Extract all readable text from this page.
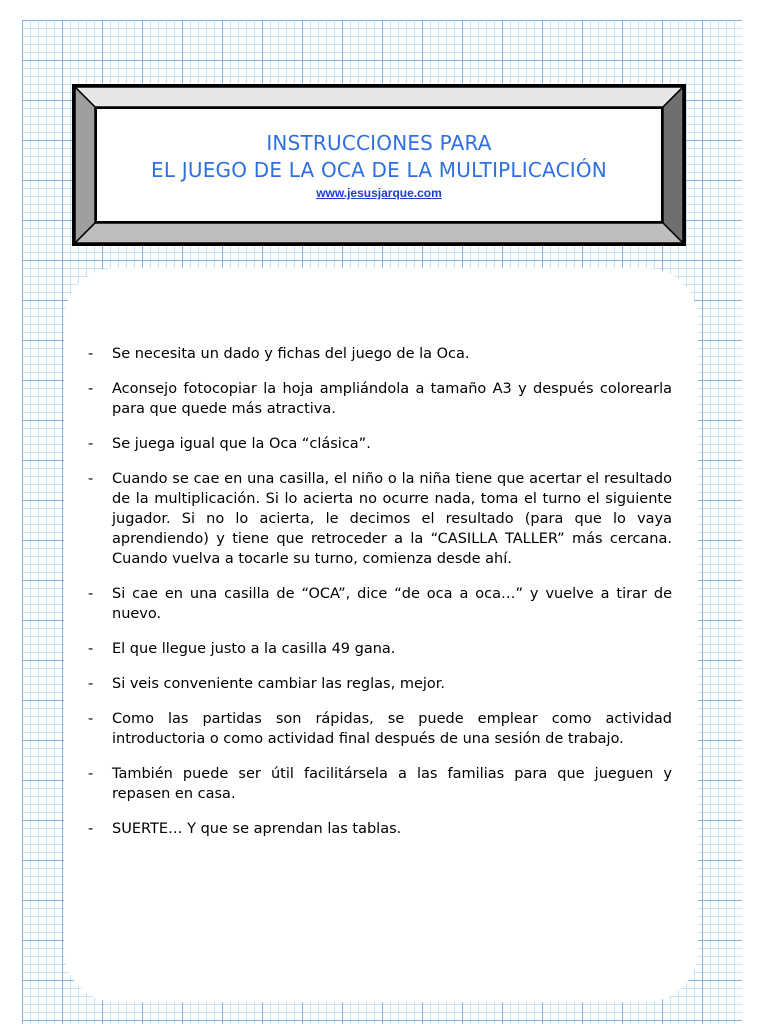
INSTRUCCIONES PARA
EL JUEGO DE LA OCA DE LA MULTIPLICACIÓN
www.jesusjarque.com
- Se necesita un dado y fichas del juego de la Oca.
- Aconsejo fotocopiar la hoja ampliándola a tamaño A3 y después colorearla para que quede más atractiva.
- Se juega igual que la Oca “clásica”.
- Cuando se cae en una casilla, el niño o la niña tiene que acertar el resultado de la multiplicación. Si lo acierta no ocurre nada, toma el turno el siguiente jugador. Si no lo acierta, le decimos el resultado (para que lo vaya aprendiendo) y tiene que retroceder a la “CASILLA TALLER” más cercana. Cuando vuelva a tocarle su turno, comienza desde ahí.
- Si cae en una casilla de “OCA”, dice “de oca a oca…” y vuelve a tirar de nuevo.
- El que llegue justo a la casilla 49 gana.
- Si veis conveniente cambiar las reglas, mejor.
- Como las partidas son rápidas, se puede emplear como actividad introductoria o como actividad final después de una sesión de trabajo.
- También puede ser útil facilitársela a las familias para que jueguen y repasen en casa.
- SUERTE… Y que se aprendan las tablas.
